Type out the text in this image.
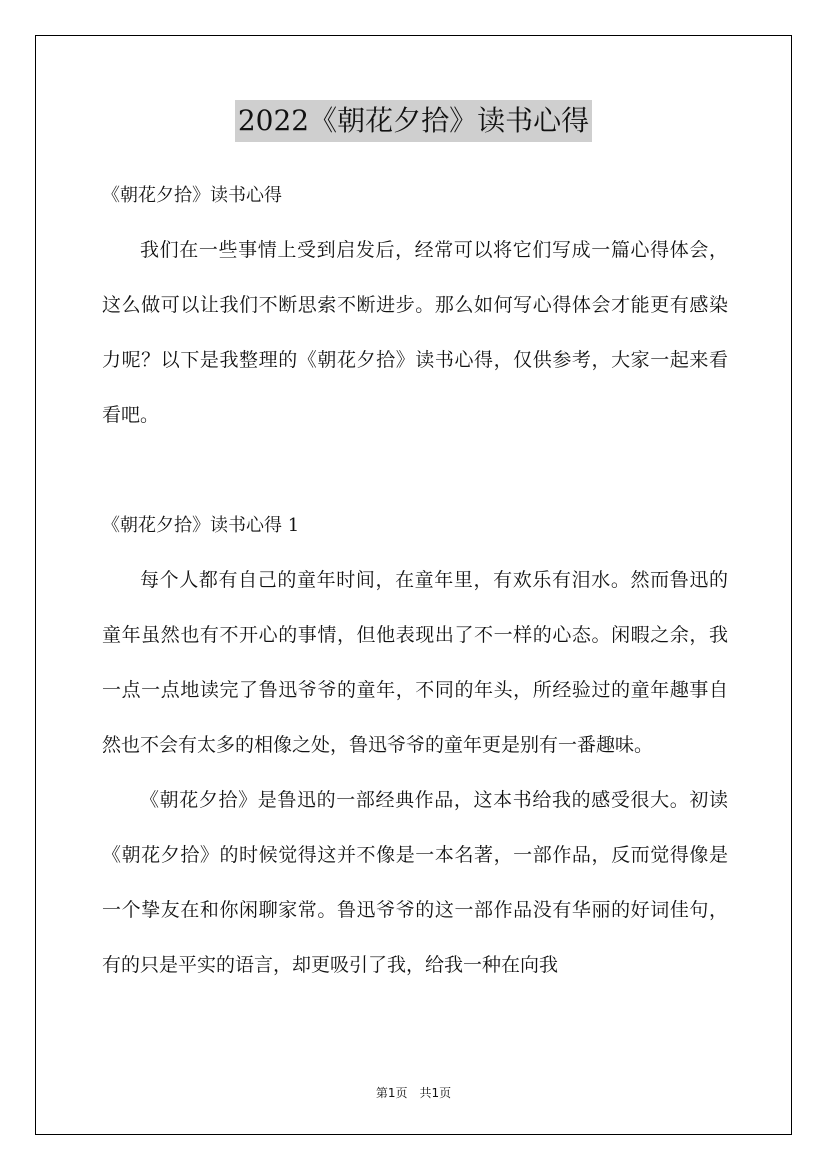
2022《朝花夕拾》读书心得

《朝花夕拾》读书心得

我们在一些事情上受到启发后，经常可以将它们写成一篇心得体会，这么做可以让我们不断思索不断进步。那么如何写心得体会才能更有感染力呢？以下是我整理的《朝花夕拾》读书心得，仅供参考，大家一起来看看吧。

《朝花夕拾》读书心得 1

每个人都有自己的童年时间，在童年里，有欢乐有泪水。然而鲁迅的童年虽然也有不开心的事情，但他表现出了不一样的心态。闲暇之余，我一点一点地读完了鲁迅爷爷的童年，不同的年头，所经验过的童年趣事自然也不会有太多的相像之处，鲁迅爷爷的童年更是别有一番趣味。

《朝花夕拾》是鲁迅的一部经典作品，这本书给我的感受很大。初读《朝花夕拾》的时候觉得这并不像是一本名著，一部作品，反而觉得像是一个挚友在和你闲聊家常。鲁迅爷爷的这一部作品没有华丽的好词佳句，有的只是平实的语言，却更吸引了我，给我一种在向我

第1页 共1页
